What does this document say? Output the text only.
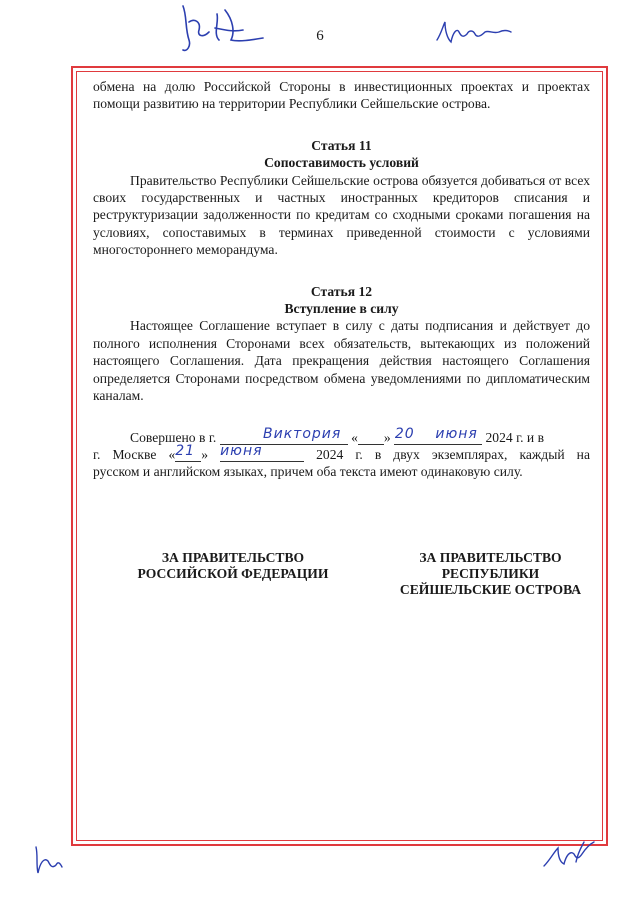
6

обмена на долю Российской Стороны в инвестиционных проектах и проектах помощи развитию на территории Республики Сейшельские острова.

Статья 11
Сопоставимость условий

Правительство Республики Сейшельские острова обязуется добиваться от всех своих государственных и частных иностранных кредиторов списания и реструктуризации задолженности по кредитам со сходными сроками погашения на условиях, сопоставимых в терминах приведенной стоимости с условиями многостороннего меморандума.

Статья 12
Вступление в силу

Настоящее Соглашение вступает в силу с даты подписания и действует до полного исполнения Сторонами всех обязательств, вытекающих из положений настоящего Соглашения. Дата прекращения действия настоящего Соглашения определяется Сторонами посредством обмена уведомлениями по дипломатическим каналам.

Совершено в г.	Виктория «	20»	июня 2024 г. и в

г. Москве «21 » июня	2024 г. в двух экземплярах, каждый на

русском и английском языках, причем оба текста имеют одинаковую силу.

ЗА ПРАВИТЕЛЬСТВО
РОССИЙСКОЙ ФЕДЕРАЦИИ
ЗА ПРАВИТЕЛЬСТВО
РЕСПУБЛИКИ
СЕЙШЕЛЬСКИЕ ОСТРОВА
